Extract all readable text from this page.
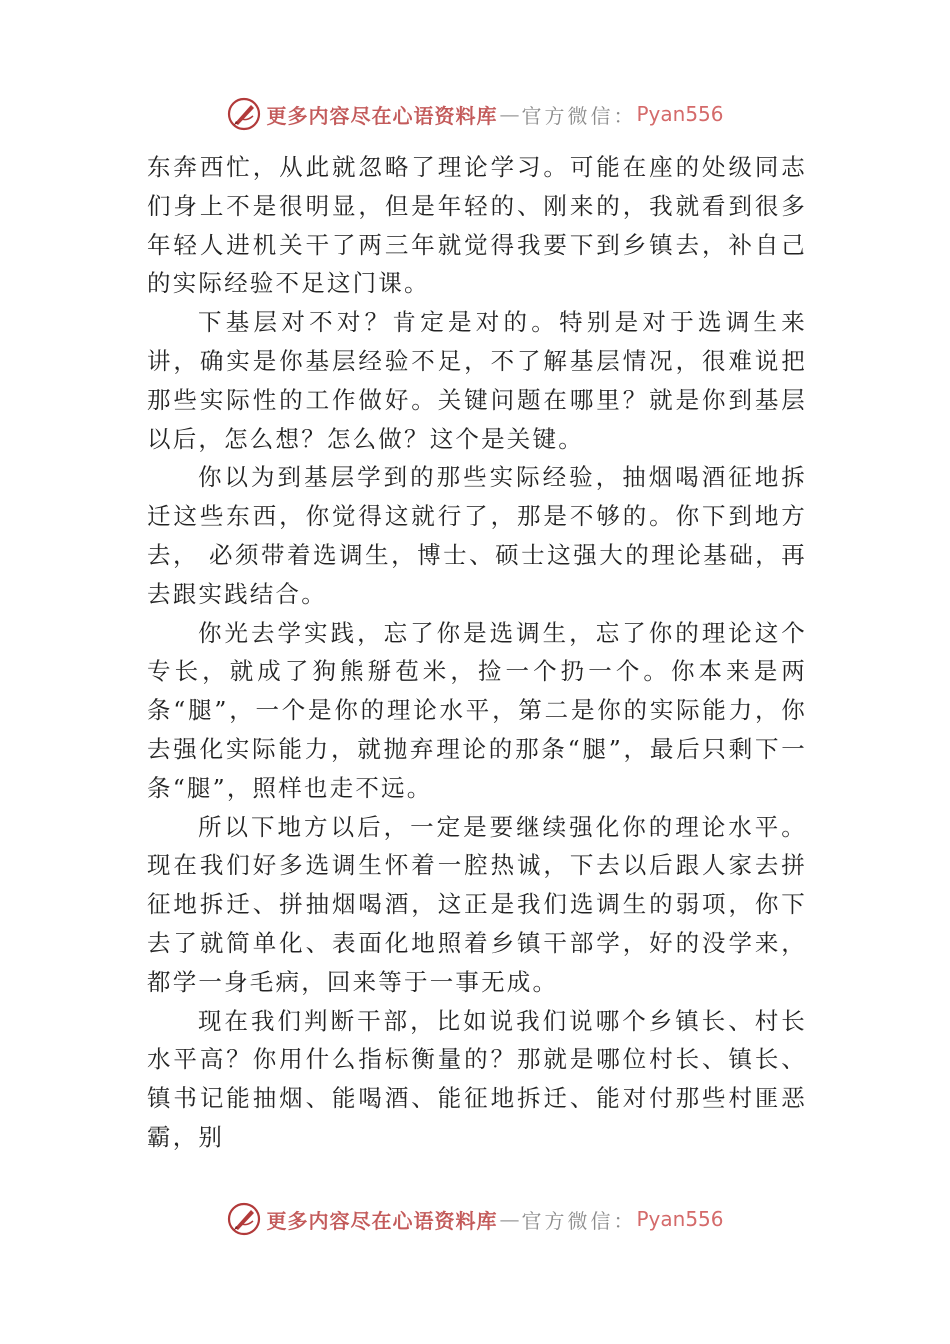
更多内容尽在心语资料库 — 官方微信： Pyan556

东奔西忙，从此就忽略了理论学习。可能在座的处级同志们身上不是很明显，但是年轻的、刚来的，我就看到很多年轻人进机关干了两三年就觉得我要下到乡镇去，补自己的实际经验不足这门课。

下基层对不对？肯定是对的。特别是对于选调生来讲，确实是你基层经验不足，不了解基层情况，很难说把那些实际性的工作做好。关键问题在哪里？就是你到基层以后，怎么想？怎么做？这个是关键。

你以为到基层学到的那些实际经验，抽烟喝酒征地拆迁这些东西，你觉得这就行了，那是不够的。你下到地方去， 必须带着选调生，博士、硕士这强大的理论基础，再去跟实践结合。

你光去学实践，忘了你是选调生，忘了你的理论这个专长，就成了狗熊掰苞米，捡一个扔一个。你本来是两条“腿”，一个是你的理论水平，第二是你的实际能力，你去强化实际能力，就抛弃理论的那条“腿”，最后只剩下一条“腿”，照样也走不远。

所以下地方以后，一定是要继续强化你的理论水平。现在我们好多选调生怀着一腔热诚，下去以后跟人家去拼征地拆迁、拼抽烟喝酒，这正是我们选调生的弱项，你下去了就简单化、表面化地照着乡镇干部学，好的没学来，都学一身毛病，回来等于一事无成。

现在我们判断干部，比如说我们说哪个乡镇长、村长水平高？你用什么指标衡量的？那就是哪位村长、镇长、镇书记能抽烟、能喝酒、能征地拆迁、能对付那些村匪恶霸，别

更多内容尽在心语资料库 — 官方微信： Pyan556
